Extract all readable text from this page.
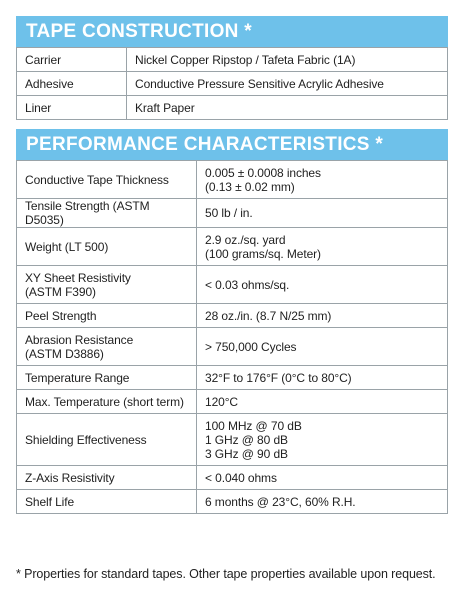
TAPE CONSTRUCTION *	
Carrier	Nickel Copper Ripstop / Tafeta Fabric (1A)
Adhesive	Conductive Pressure Sensitive Acrylic Adhesive
Liner	Kraft Paper
PERFORMANCE CHARACTERISTICS *	

Conductive Tape Thickness	0.005 ± 0.0008 inches
(0.13 ± 0.02 mm)

Tensile Strength (ASTM D5035)	50 lb / in.

Weight (LT 500)	2.9 oz./sq. yard
(100 grams/sq. Meter)

XY Sheet Resistivity
(ASTM F390)	< 0.03 ohms/sq.

Peel Strength	28 oz./in. (8.7 N/25 mm)

Abrasion Resistance
(ASTM D3886)	> 750,000 Cycles

Temperature Range	32°F to 176°F (0°C to 80°C)

Max. Temperature (short term)	120°C

Shielding Effectiveness	100 MHz @ 70 dB
1 GHz @ 80 dB
3 GHz @ 90 dB

Z-Axis Resistivity	< 0.040 ohms

Shelf Life	6 months @ 23°C, 60% R.H.
* Properties for standard tapes. Other tape properties available upon request.
